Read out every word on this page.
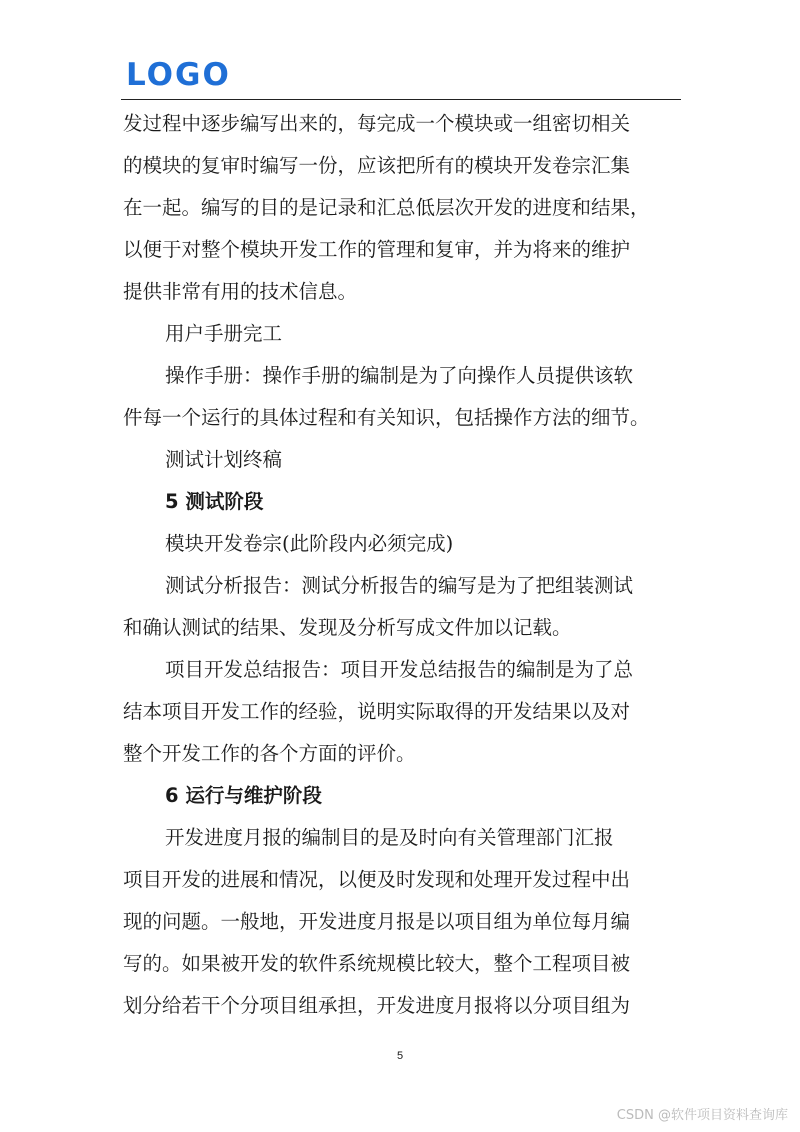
LOGO
发过程中逐步编写出来的，每完成一个模块或一组密切相关
的模块的复审时编写一份，应该把所有的模块开发卷宗汇集
在一起。编写的目的是记录和汇总低层次开发的进度和结果，
以便于对整个模块开发工作的管理和复审，并为将来的维护
提供非常有用的技术信息。
用户手册完工
操作手册：操作手册的编制是为了向操作人员提供该软
件每一个运行的具体过程和有关知识，包括操作方法的细节。
测试计划终稿
5 测试阶段
模块开发卷宗(此阶段内必须完成)
测试分析报告：测试分析报告的编写是为了把组装测试
和确认测试的结果、发现及分析写成文件加以记载。
项目开发总结报告：项目开发总结报告的编制是为了总
结本项目开发工作的经验，说明实际取得的开发结果以及对
整个开发工作的各个方面的评价。
6 运行与维护阶段
开发进度月报的编制目的是及时向有关管理部门汇报
项目开发的进展和情况，以便及时发现和处理开发过程中出
现的问题。一般地，开发进度月报是以项目组为单位每月编
写的。如果被开发的软件系统规模比较大，整个工程项目被
划分给若干个分项目组承担，开发进度月报将以分项目组为
5
CSDN @软件项目资料查询库
